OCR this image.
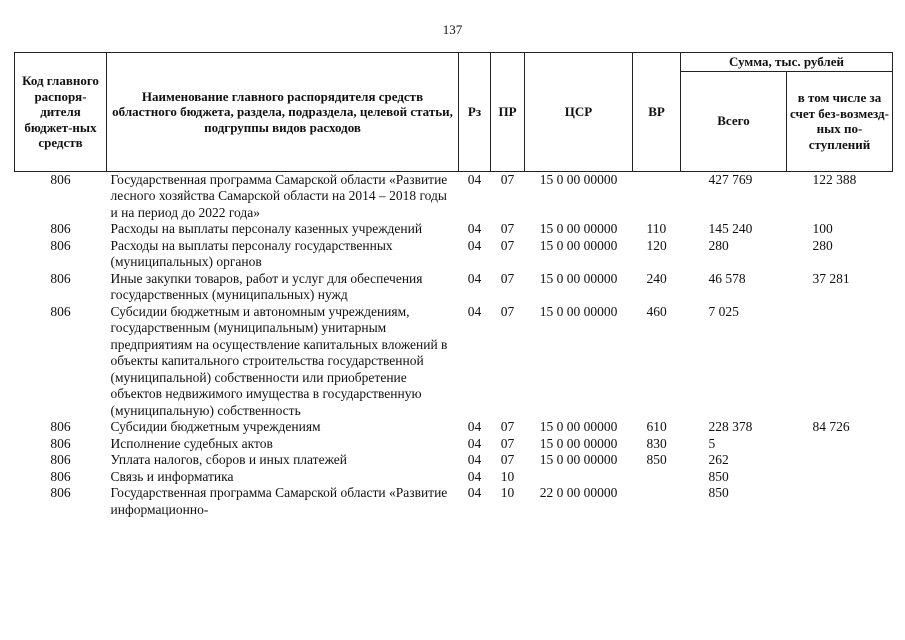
137
Код главного распоря-дителя бюджет-ных средств	Наименование главного распорядителя средств областного бюджета, раздела, подраздела, целевой статьи, подгруппы видов расходов	Рз	ПР	ЦСР	ВР	Сумма, тыс. рублей	
						Всего	в том числе за счет без-возмезд-ных по-ступлений
806	Государственная программа Самарской области «Развитие лесного хозяйства Самарской области на 2014 – 2018 годы и на период до 2022 года»	04	07	15 0 00 00000		427 769	122 388
806	Расходы на выплаты персоналу казенных учреждений	04	07	15 0 00 00000	110	145 240	100
806	Расходы на выплаты персоналу государственных (муниципальных) органов	04	07	15 0 00 00000	120	280	280
806	Иные закупки товаров, работ и услуг для обеспечения государственных (муниципальных) нужд	04	07	15 0 00 00000	240	46 578	37 281
806	Субсидии бюджетным и автономным учреждениям, государственным (муниципальным) унитарным предприятиям на осуществление капитальных вложений в объекты капитального строительства государственной (муниципальной) собственности или приобретение объектов недвижимого имущества в государственную (муниципальную) собственность	04	07	15 0 00 00000	460	7 025	
806	Субсидии бюджетным учреждениям	04	07	15 0 00 00000	610	228 378	84 726
806	Исполнение судебных актов	04	07	15 0 00 00000	830	5	
806	Уплата налогов, сборов и иных платежей	04	07	15 0 00 00000	850	262	
806	Связь и информатика	04	10			850	
806	Государственная программа Самарской области «Развитие информационно-	04	10	22 0 00 00000		850	
